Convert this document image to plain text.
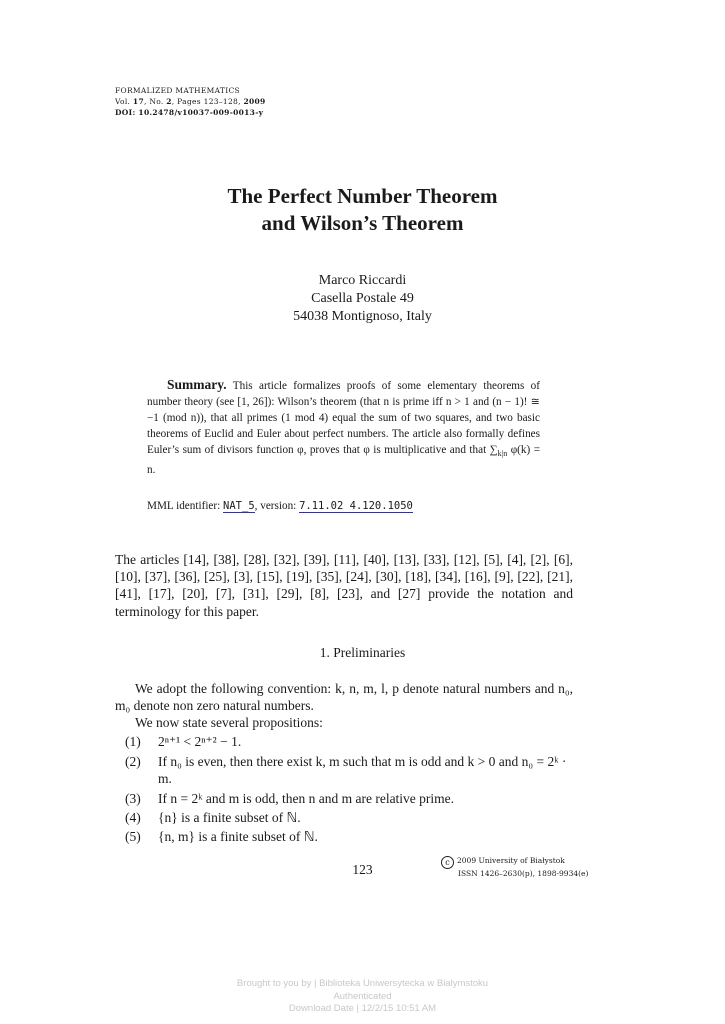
FORMALIZED MATHEMATICS
Vol. 17, No. 2, Pages 123–128, 2009
DOI: 10.2478/v10037-009-0013-y
The Perfect Number Theorem
and Wilson’s Theorem
Marco Riccardi
Casella Postale 49
54038 Montignoso, Italy
Summary. This article formalizes proofs of some elementary theorems of number theory (see [1, 26]): Wilson’s theorem (that n is prime iff n > 1 and (n − 1)! ≅ −1 (mod n)), that all primes (1 mod 4) equal the sum of two squares, and two basic theorems of Euclid and Euler about perfect numbers. The article also formally defines Euler’s sum of divisors function φ, proves that φ is multiplicative and that $\sum_{k|n}$ φ(k) = n.
MML identifier: NAT_5, version: 7.11.02 4.120.1050
The articles [14], [38], [28], [32], [39], [11], [40], [13], [33], [12], [5], [4], [2], [6], [10], [37], [36], [25], [3], [15], [19], [35], [24], [30], [18], [34], [16], [9], [22], [21], [41], [17], [20], [7], [31], [29], [8], [23], and [27] provide the notation and terminology for this paper.
1. Preliminaries
We adopt the following convention: k, n, m, l, p denote natural numbers and n₀, m₀ denote non zero natural numbers.
We now state several propositions:
(1) 2ⁿ⁺¹ < 2ⁿ⁺² − 1.
(2) If n₀ is even, then there exist k, m such that m is odd and k > 0 and n₀ = 2ᵏ · m.
(3) If n = 2ᵏ and m is odd, then n and m are relative prime.
(4) {n} is a finite subset of ℕ.
(5) {n, m} is a finite subset of ℕ.
123	c 2009 University of Białystok
ISSN 1426–2630(p), 1898-9934(e)
Brought to you by | Biblioteka Uniwersytecka w Bialymstoku
Authenticated
Download Date | 12/2/15 10:51 AM
